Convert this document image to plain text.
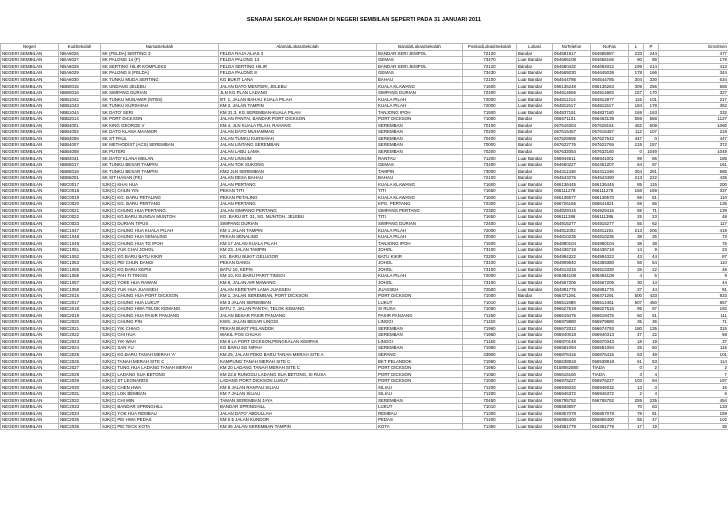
SENARAI SEKOLAH RENDAH DI NEGERI SEMBILAN SEPERTI PADA 31 JANUARI 2011
Negeri	KodSekolah	NamaSekolah	AlamatLokasiSekolah	BandarLokasiSekolah	PoskodLokasiSekolah	Lokasi	NoTelefon	NoFax	L	P	Enrolmen
NEGERI SEMBILAN	NBA6026	SK (FELDA) SERTING 3	FELDA RAJA ALIAS 3	BANDAR SERI JEMPOL	72120	Bandar	064581917	064585987	233	244	477
NEGERI SEMBILAN	NBA6027	SK PALONG 14 (F)	FELDA PALONG 14	GEMAS	73470	Luar Bandar	064666108	064666165	90	89	179
NEGERI SEMBILAN	NBA6028	SK SERTING HILIR KOMPLEKS	FELDA SERTING HILIR	BANDAR SERI JEMPOL	72120	Bandar	064680432	064684022	199	214	413
NEGERI SEMBILAN	NBA6029	SK PALONG 8 (FELDA)	FELDA PALONG 8	GEMAS	73430	Luar Bandar	064665030	064645038	178	166	344
NEGERI SEMBILAN	NBA6030	SK TUNKU MUDA SERTING	KG BUKIT LANA	BAHAU	72100	Luar Bandar	064544786	064544785	304	330	634
NEGERI SEMBILAN	NBB0015	SK UNDANG JELEBU	JALAN DATO MENTERI, JELEBU	KUALA KLAWANG	71600	Luar Bandar	066136248	066136263	309	256	565
NEGERI SEMBILAN	NBB0016	SK SIMPANG DURIAN	JLN KG PLAN LADANG	SIMPANG DURIAN	72400	Luar Bandar	064914656	064914882	157	170	327
NEGERI SEMBILAN	NBB1042	SK TUNKU MUNAWIR (NTBS)	BT. 1, JALAN BAHAU KUALA PILAH	KUALA PILAH	72000	Luar Bandar	064811214	064812877	116	101	217
NEGERI SEMBILAN	NBB1043	SK TUNKU KURSHIAH	KM 2, JALAN TAMPIN	KUALA PILAH	72000	Luar Bandar	064811517	064811517	184	178	362
NEGERI SEMBILAN	NBB1044	SK DATO' SERI	KM 31.3, KG SEREMBAN-KUALA PILAH	TANJONG IPOH	71500	Luar Bandar	064837161	064837180	169	163	332
NEGERI SEMBILAN	NBB2014	SK PORT DICKSON	JALAN PANTAI, BANDAR PORT DICKSON	PORT DICKSON	71000	Bandar	066671131	066463139	559	568	1127
NEGERI SEMBILAN	NBB4001	SK KING GEORGE V	KM 4, JLN KUALA PILAH, RAHANG	SEREMBAN	70100	Bandar	067616304	067628151	452	608	1060
NEGERI SEMBILAN	NBB4002	SK DATO KLANA MAAMOR	JALAN DATO MUHAMMAD	SEREMBAN	70200	Bandar	067615457	067615457	112	107	219
NEGERI SEMBILAN	NBB4006	SK ST PAUL	JALAN TUNKU KURSHIAH	SEREMBAN	70400	Bandar	067629595	067627642	447	0	447
NEGERI SEMBILAN	NBB4007	SK METHODIST (ACS) SEREMBAN	JALAN LINTANG SEREMBAN	SEREMBAN	70000	Bandar	067622776	067622765	215	157	372
NEGERI SEMBILAN	NBB4008	SK PUTERI	JALAN LABU LAMA	SEREMBAN	70200	Bandar	067632054	067632160	0	1049	1049
NEGERI SEMBILAN	NBB4041	SK DATO' KLANA MELAN	JALAN LINSUM	RANTAU	71200	Luar Bandar	066944511	066941001	99	86	185
NEGERI SEMBILAN	NBB5017	SK TUNKU BESAR TAMPIN	JALAN TOK SUKONG	GEMAS	73400	Luar Bandar	064660227	064461207	64	97	161
NEGERI SEMBILAN	NBB5019	SK TUNKU BESAR TAMPIN	KM2 JLN SEREMBAN	TAMPIN	73000	Bandar	064411348	064411348	304	281	585
NEGERI SEMBILAN	NBB6001	SK SIT HASAN (FE)	JALAN DESA BAHAU	BAHAU	72100	Bandar	064543276	064543480	213	222	435
NEGERI SEMBILAN	NBC0017	SJK(C) KHAI HUA	JALAN PERTANG	KUALA KLAWANG	71600	Luar Bandar	066136445	066136445	85	115	200
NEGERI SEMBILAN	NBC0018	SJK(C) CHUN YIN	PEKAN TITI	TITI	71650	Luar Bandar	066111278	066111278	168	169	337
NEGERI SEMBILAN	NBC0019	SJK(C) KG. BARU PETALING	PEKAN PETALING	KUALA KLAWANG	71600	Luar Bandar	066136577	066136570	59	51	110
NEGERI SEMBILAN	NBC0020	SJK(C) KG. BARU PERTANG	JALAN PERTANG	KPG. PERTANG	72300	Luar Bandar	066726155	066641821	69	66	135
NEGERI SEMBILAN	NBC0021	SJK(C) CHUNG HUA PERTANG	JALAN SIMPANG PERTANG	SIMPANG PERTANG	72300	Luar Bandar	064829415	064929415	68	71	139
NEGERI SEMBILAN	NBC0022	SJK(C) KG.BARU SUNGAI MUNTOH	KG. BARU BT. 31, SG. MUNTOH, JELEBU	TITI	71650	Luar Bandar	066111386	066111386	25	23	48
NEGERI SEMBILAN	NBC0023	SJK(C) DURIAN TIPUS	SIMPANG DURIAN	SIMPANG DURIAN	72400	Luar Bandar	064915277	064915277	55	62	117
NEGERI SEMBILAN	NBC1047	SJK(C) CHUNG HUA KUALA PILAH	KM 1 JALAN TAMPIN	KUALA PILAH	72000	Luar Bandar	064811002	064811191	213	206	419
NEGERI SEMBILAN	NBC1048	SJK(C) CHUNG HUA SENALING	PEKAN SENALING	KUALA PILAH	72000	Luar Bandar	064810235	064810235	38	35	73
NEGERI SEMBILAN	NBC1049	SJK(C) CHUNG HUA TG IPOH	KM 17 JALAN KUALA PILAH	TANJONG IPOH	71500	Luar Bandar	064880104	064880104	38	38	76
NEGERI SEMBILAN	NBC1051	SJK(C) YUK CHAI JOHOL	KM 23, JALAN TAMPIN	JOHOL	73100	Luar Bandar	064436718	064436718	14	9	23
NEGERI SEMBILAN	NBC1052	SJK(C) KG BARU BATU KIKIR	KG. BARU BUKIT GELUGOR	BATU KIKIR	72200	Luar Bandar	064984322	064984322	43	44	87
NEGERI SEMBILAN	NBC1053	SJK(C) PEI CHUN DANGI	PEKAN DANGI	JOHOL	73100	Luar Bandar	064909540	064369380	56	54	110
NEGERI SEMBILAN	NBC1055	SJK(C) KG BARU KEPIS	BATU 10, KEPIS	JOHOL	73100	Luar Bandar	064513316	064513330	26	22	48
NEGERI SEMBILAN	NBC1056	SJK(C) PAH TI TINGGI	KM 10, KG.BARU PARIT TINGGI	KUALA PILAH	72000	Luar Bandar	606484108	606484108	4	5	9
NEGERI SEMBILAN	NBC1057	SJK(C) YOKE HUA RAWAN	KM 8, JALAN AIR MAWANG	JOHOL	73100	Luar Bandar	064567206	064567206	30	14	44
NEGERI SEMBILAN	NBC1058	SJK(C) YUK HUA JUASSEH	JALAN KERETAPI LAMA JUASSEH	JUASSEH	72500	Luar Bandar	064881776	064881776	37	44	81
NEGERI SEMBILAN	NBC2016	SJK(C) CHUNG HUA PORT DICKSON	KM 1, JALAN SEREMBAN, PORT DICKSON	PORT DICKSON	71000	Bandar	066471291	066471291	500	433	933
NEGERI SEMBILAN	NBC2017	SJK(C) CHUNG HUA LUKUT	KM 3 JALAN SEREMBAN	LUKUT	71010	Luar Bandar	066511889	066514461	507	450	957
NEGERI SEMBILAN	NBC2018	SJK(C) CHUNG HWA TELOK KEMANG	BATU 7, JALAN PANTAI, TELOK KEMANG	SI RUSA	71050	Luar Bandar	066627618	066627615	95	97	192
NEGERI SEMBILAN	NBC2019	SJK(C) CHUNG HUA PASIR PANJANG	JALAN BESAR PASIR PANJANG	PASIR PANJANG	71250	Luar Bandar	066619475	066619475	50	61	111
NEGERI SEMBILAN	NBC2020	SJK(C) CHUNG PIN	KWS. JALAN BESAR LINGGI	LINGGI	71150	Luar Bandar	066979880	066979880	35	36	71
NEGERI SEMBILAN	NBC2021	SJK(C) YIK CHIAO	PEKAN BUKIT PELANDOK	SEREMBAN	71960	Luar Bandar	066672012	066674793	180	135	315
NEGERI SEMBILAN	NBC2022	SJK(C) CHI HUA	WAKIL POS CHUAH	SEREMBAN	71960	Luar Bandar	066940018	066940313	47	22	69
NEGERI SEMBILAN	NBC2023	SJK(C) YIK WAH	KM 8 LA PORT DICKSON,PENGKALAN KEMPAS	LINGGI	71150	Luar Bandar	066870148	066870343	18	19	37
NEGERI SEMBILAN	NBC2024	SJK(C) SAN YU	KG BARU SG NIPAH	SEREMBAN	71960	Luar Bandar	066581094	066581094	25	50	115
NEGERI SEMBILAN	NBC2025	SJK(C) KG.BARU TANAH MERAH 'A'	KM 25, JALAN PDKG BARU TANAH MERAH SITE A	SEPANG	43900	Luar Bandar	066876415	066876415	53	48	101
NEGERI SEMBILAN	NBC2026	SJK(C) TANAH MERAH SITE C	KAMPUNG TANAH MERAH SITE C	BKT PELANDOK	71960	Luar Bandar	066538918	066538918	61	53	114
NEGERI SEMBILAN	NBC2027	SJK(C) TUNG HUA LADANG TANAH MERAH	KM 20 LADANG TANAH MERAH SITE C	PORT DICKSON	71960	Luar Bandar	0158062880	TIADA	0	2	2
NEGERI SEMBILAN	NBC2028	SJK(C) LADANG SUA BETONG	KM 22.5 RUNGGU LADANG SUA BETONG, SI RUSA	PORT DICKSON	71050	Luar Bandar	066616160	TIADA	3	4	7
NEGERI SEMBILAN	NBC2029	SJK(C) ST LEONARDS	LADANG PORT DICKSON LUKUT	PORT DICKSON	71000	Luar Bandar	066976227	066976227	103	94	197
NEGERI SEMBILAN	NBC2030	SJK(C) CHEN HWA	KM 8 JALAN RANTAU SILIAU	SILIAU	71200	Luar Bandar	066946032	066946032	13	3	16
NEGERI SEMBILAN	NBC2031	SJK(C) LOK BEMBAN	KM 7 JALAN SILIAU	SILIAU	71200	Luar Bandar	066946372	066946372	2	4	6
NEGERI SEMBILAN	NBC2032	SJK(C) CHI MIN	TAMAN SEREMBAN JAYA	SEREMBAN	70450	Luar Bandar	066795752	066795752	259	235	494
NEGERI SEMBILAN	NBC2033	SJK(C) BANDAR SPRINGHILL	BANDAR SPRINGHILL	LUKUT	71010	Luar Bandar	066583697		70	63	133
NEGERI SEMBILAN	NBC2034	SJK(C) YOK HUA REMBAU	JALAN DATO' ABDULLAH	REMBAU	71300	Luar Bandar	066857078	066857078	78	81	159
NEGERI SEMBILAN	NBC2035	SJK(C) PEI HWA PEDAS	KM 0.5 JALAN KUNDOR	PEDAS	71400	Luar Bandar	066855400	066855400	55	47	102
NEGERI SEMBILAN	NBC2036	SJK(C) PEI TECK KOTA	KM 36 JALAN SEREMBAN TAMPIN	KOTA	71350	Luar Bandar	064581779	064381779	17	19	36
